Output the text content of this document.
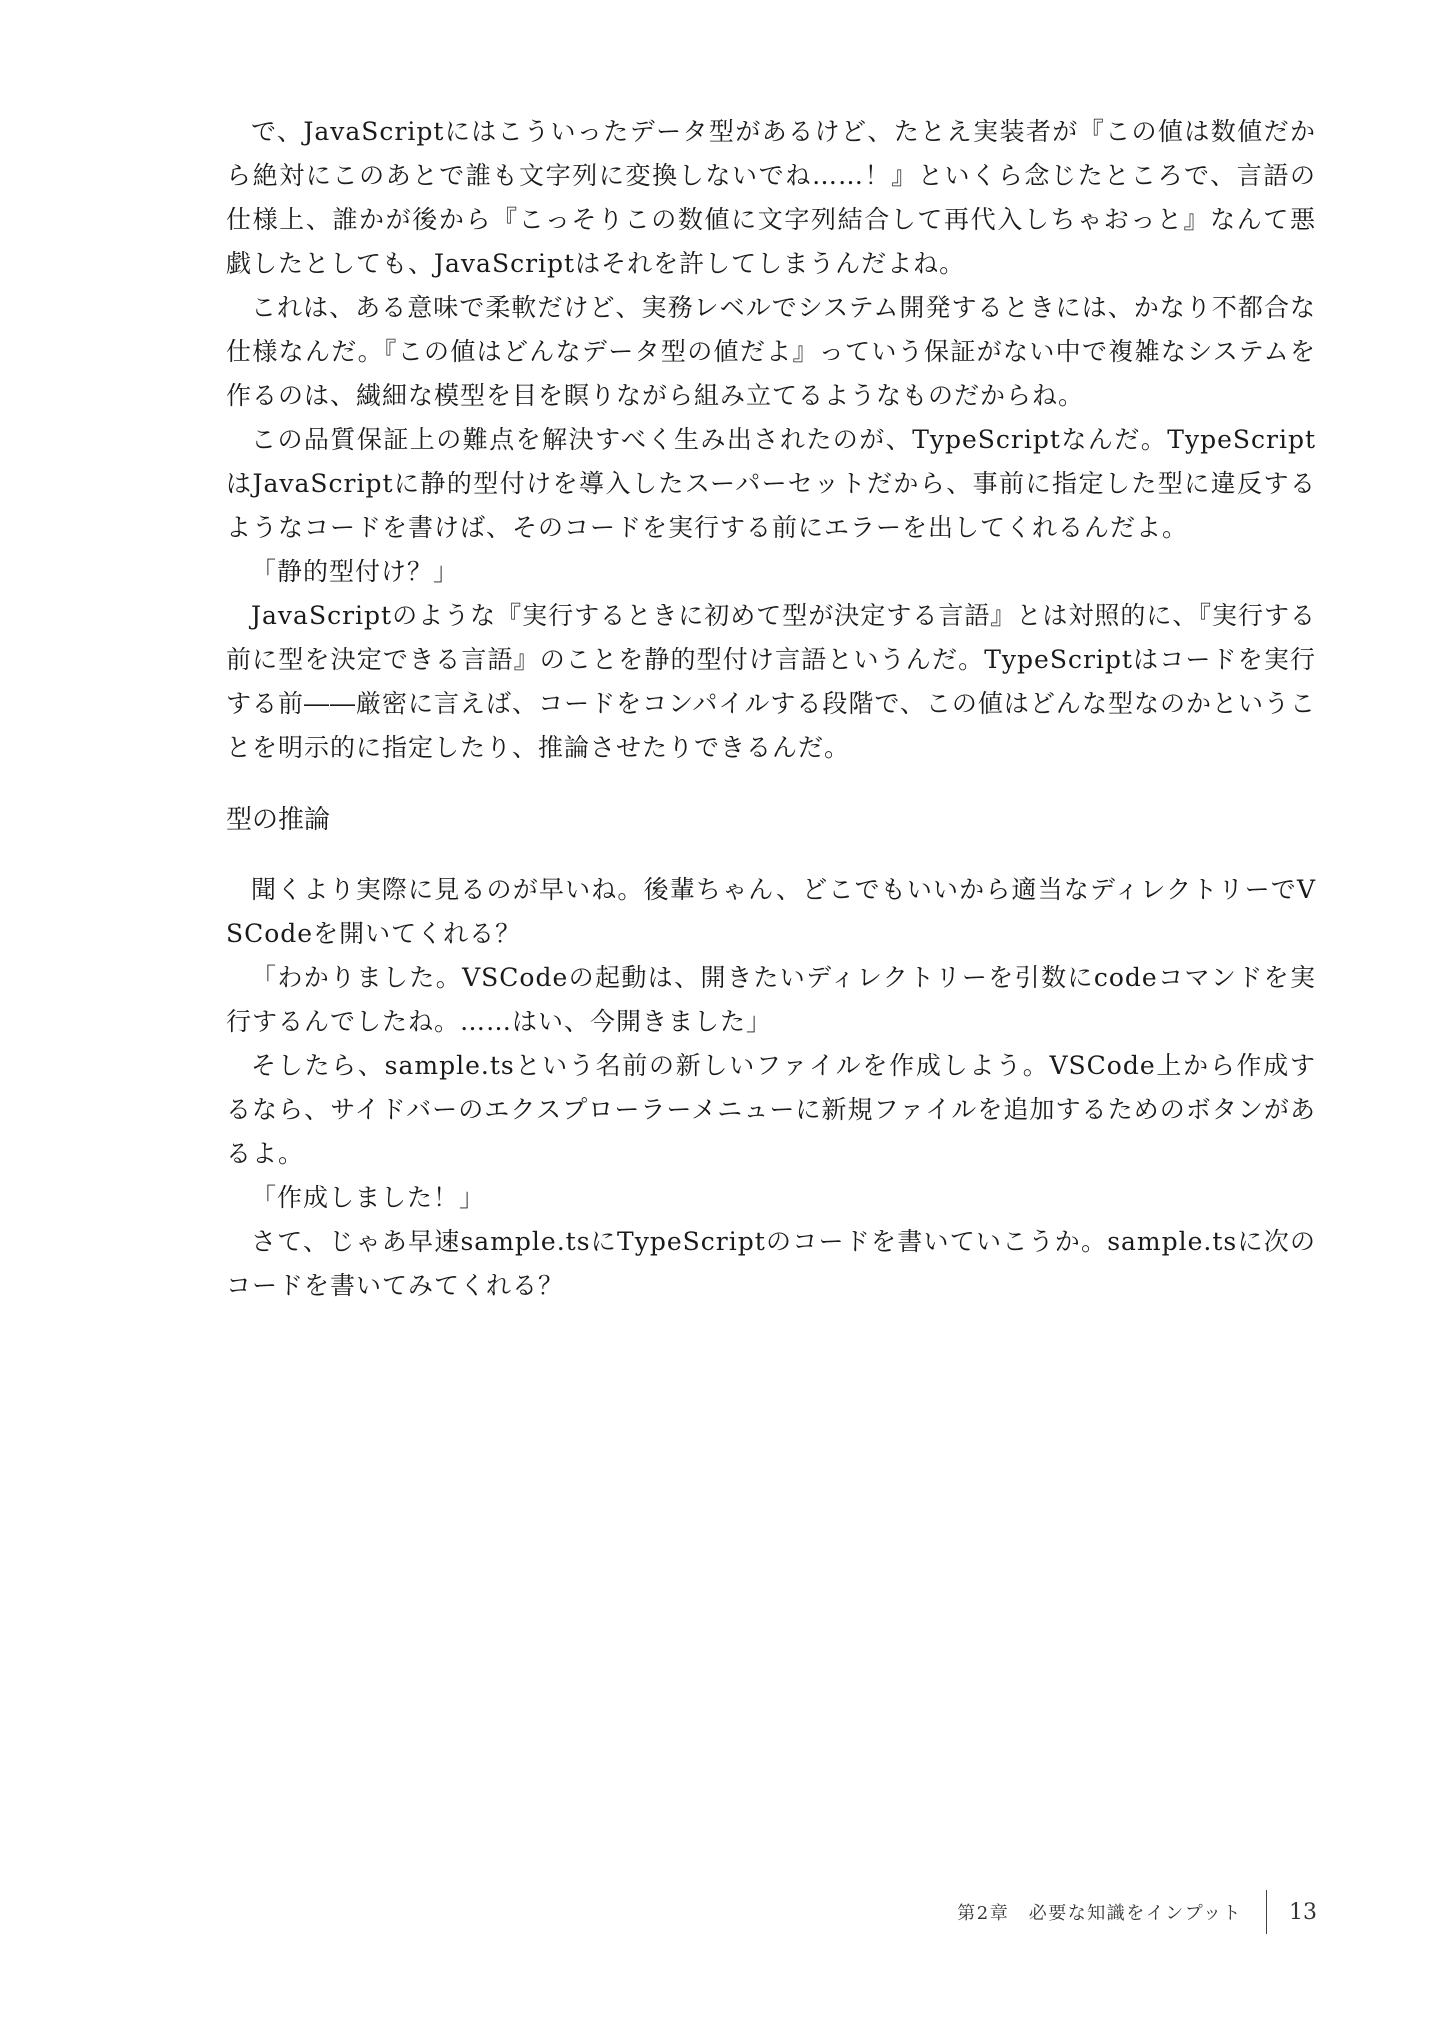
で、JavaScriptにはこういったデータ型があるけど、たとえ実装者が『この値は数値だから絶対にこのあとで誰も文字列に変換しないでね……！』といくら念じたところで、言語の仕様上、誰かが後から『こっそりこの数値に文字列結合して再代入しちゃおっと』なんて悪戯したとしても、JavaScriptはそれを許してしまうんだよね。

これは、ある意味で柔軟だけど、実務レベルでシステム開発するときには、かなり不都合な仕様なんだ。『この値はどんなデータ型の値だよ』っていう保証がない中で複雑なシステムを作るのは、繊細な模型を目を瞑りながら組み立てるようなものだからね。

この品質保証上の難点を解決すべく生み出されたのが、TypeScriptなんだ。TypeScriptはJavaScriptに静的型付けを導入したスーパーセットだから、事前に指定した型に違反するようなコードを書けば、そのコードを実行する前にエラーを出してくれるんだよ。

「静的型付け？」

JavaScriptのような『実行するときに初めて型が決定する言語』とは対照的に、『実行する前に型を決定できる言語』のことを静的型付け言語というんだ。TypeScriptはコードを実行する前――厳密に言えば、コードをコンパイルする段階で、この値はどんな型なのかということを明示的に指定したり、推論させたりできるんだ。

型の推論

聞くより実際に見るのが早いね。後輩ちゃん、どこでもいいから適当なディレクトリーでVSCodeを開いてくれる？

「わかりました。VSCodeの起動は、開きたいディレクトリーを引数にcodeコマンドを実行するんでしたね。……はい、今開きました」

そしたら、sample.tsという名前の新しいファイルを作成しよう。VSCode上から作成するなら、サイドバーのエクスプローラーメニューに新規ファイルを追加するためのボタンがあるよ。

「作成しました！」

さて、じゃあ早速sample.tsにTypeScriptのコードを書いていこうか。sample.tsに次のコードを書いてみてくれる？

第2章　必要な知識をインプット 13
